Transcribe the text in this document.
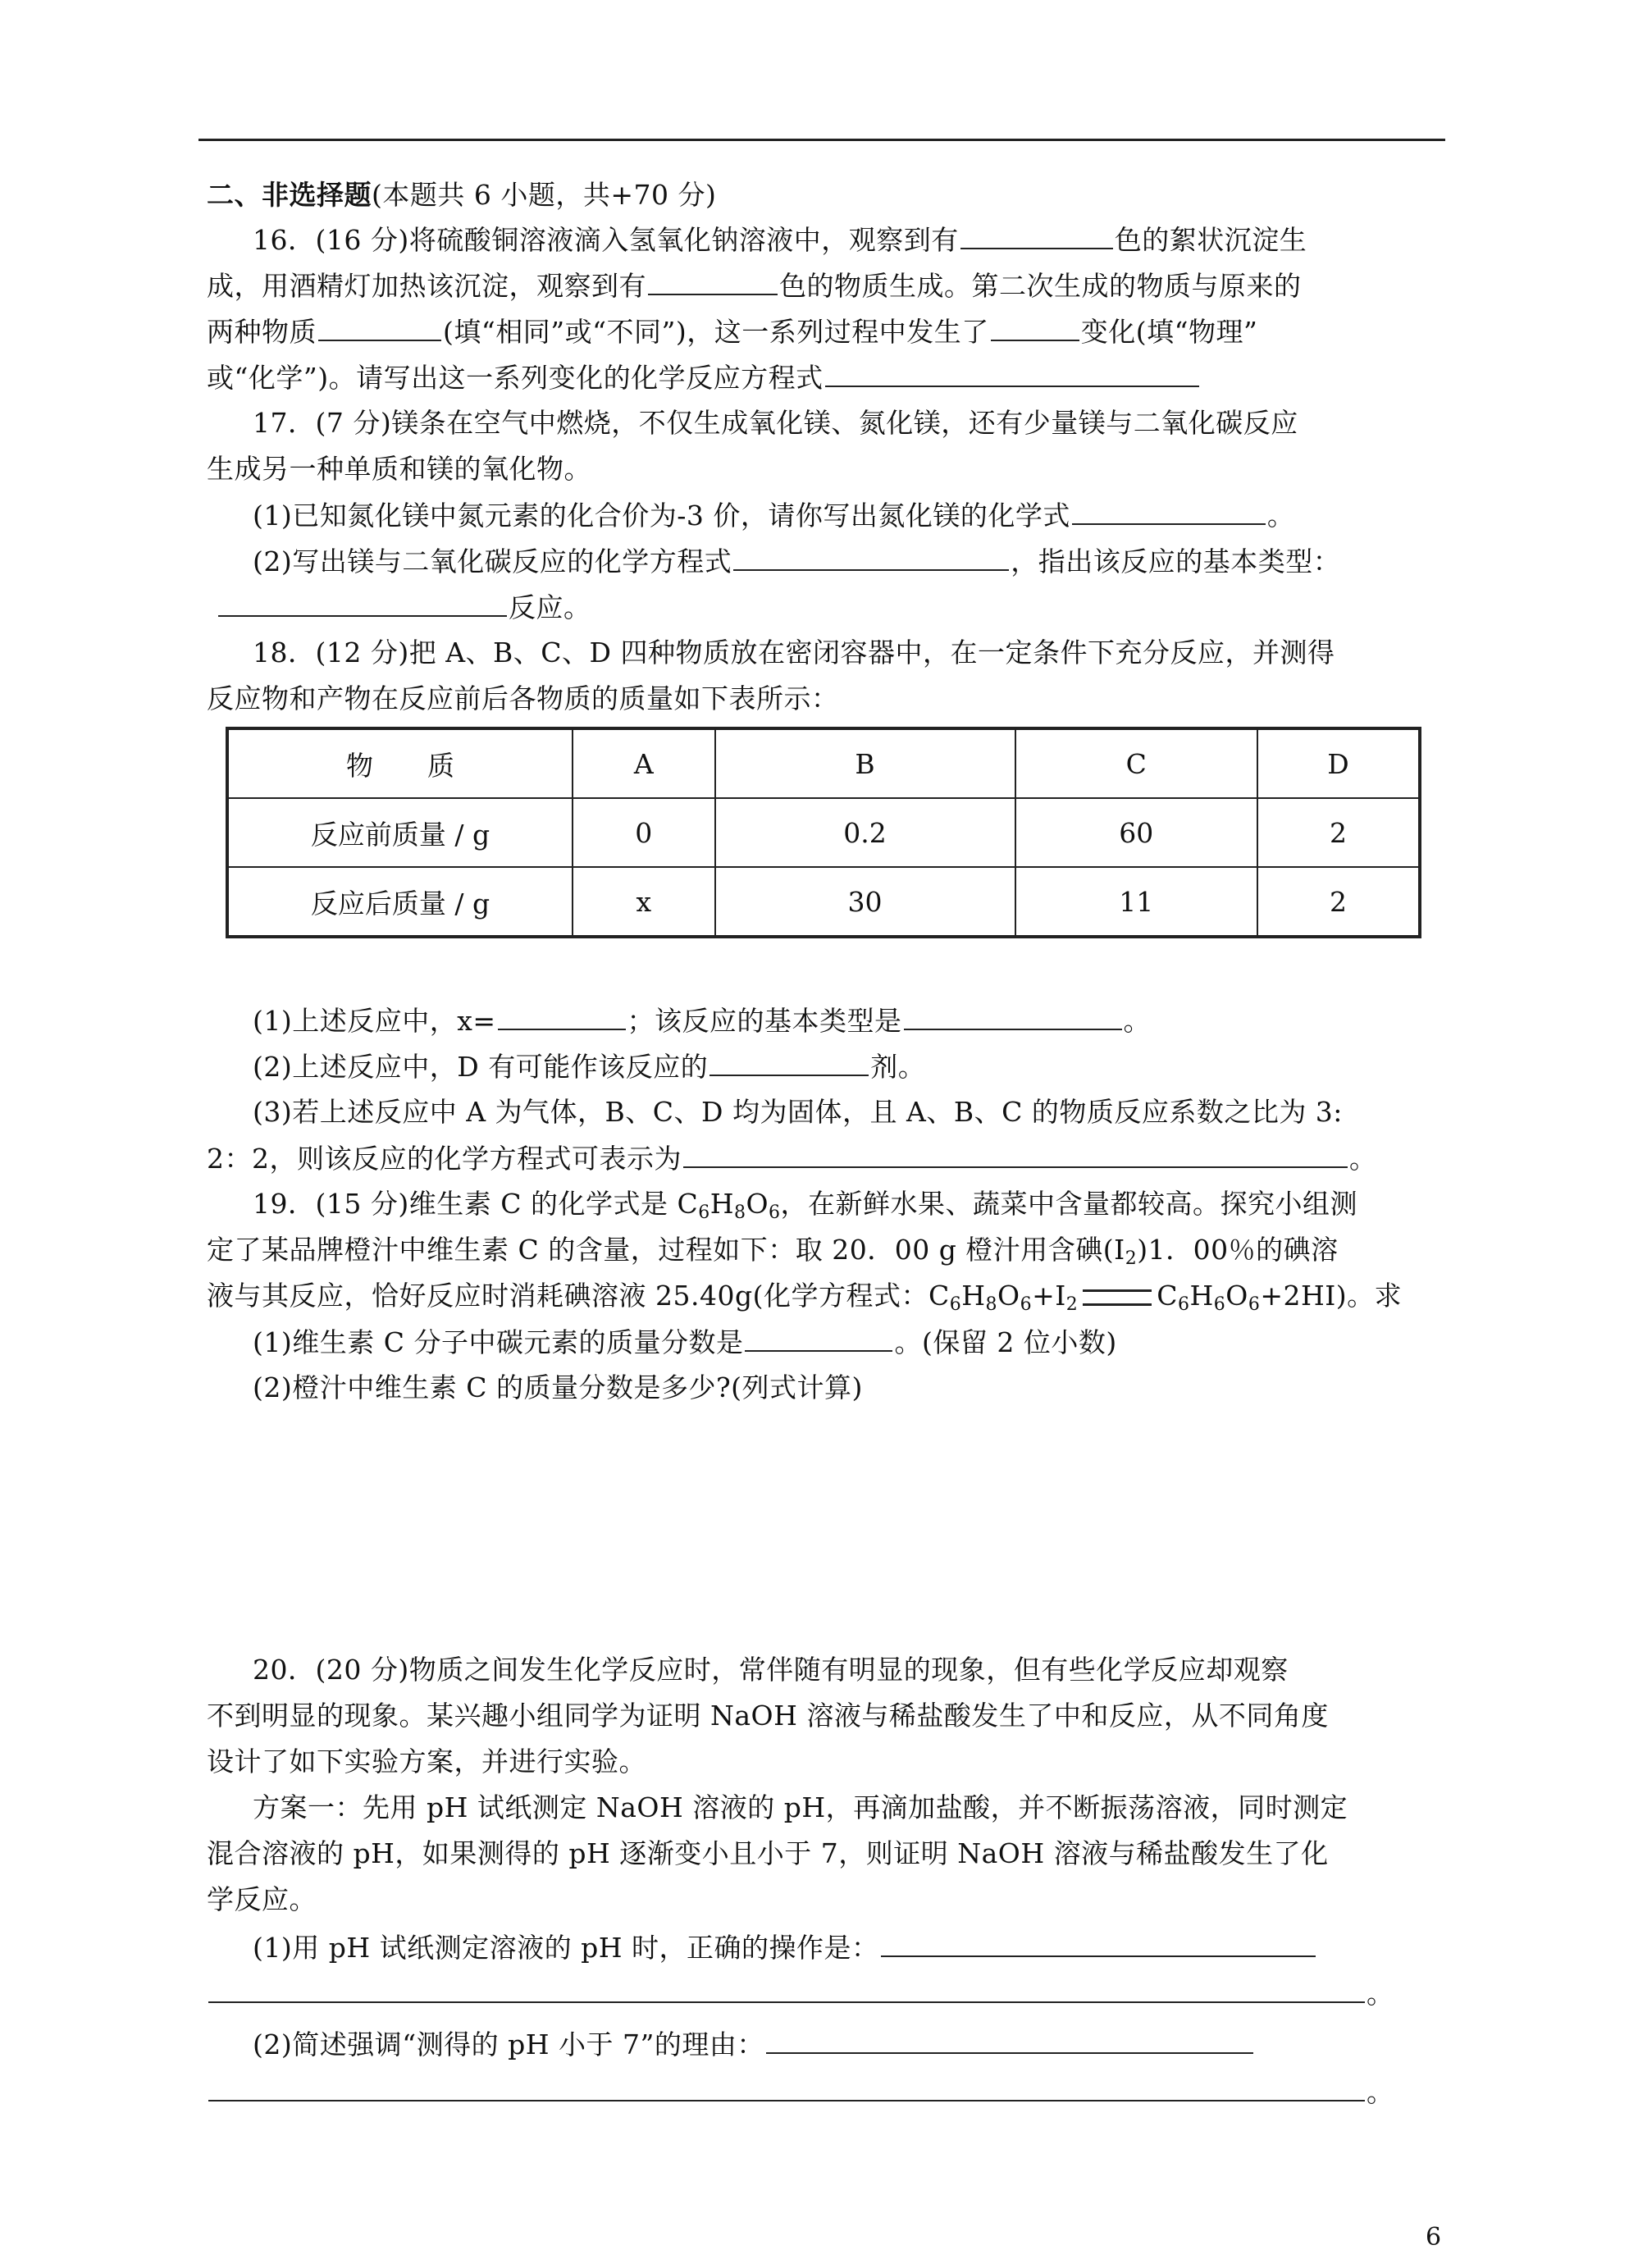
二、非选择题(本题共 6 小题，共+70 分)
16．(16 分)将硫酸铜溶液滴入氢氧化钠溶液中，观察到有	色的絮状沉淀生
成，用酒精灯加热该沉淀，观察到有	色的物质生成。第二次生成的物质与原来的
两种物质	(填“相同”或“不同”)，这一系列过程中发生了	变化(填“物理”
或“化学”)。请写出这一系列变化的化学反应方程式
17．(7 分)镁条在空气中燃烧，不仅生成氧化镁、氮化镁，还有少量镁与二氧化碳反应
生成另一种单质和镁的氧化物。
(1)已知氮化镁中氮元素的化合价为-3 价，请你写出氮化镁的化学式	。
(2)写出镁与二氧化碳反应的化学方程式	，指出该反应的基本类型：
反应。
18．(12 分)把 A、B、C、D 四种物质放在密闭容器中，在一定条件下充分反应，并测得
反应物和产物在反应前后各物质的质量如下表所示：
物　　质	A	B	C	D
反应前质量 / g	0	0.2	60	2
反应后质量 / g	x	30	11	2
(1)上述反应中，x=	；该反应的基本类型是	。
(2)上述反应中，D 有可能作该反应的	剂。
(3)若上述反应中 A 为气体，B、C、D 均为固体，且 A、B、C 的物质反应系数之比为 3:
2：2，则该反应的化学方程式可表示为	。
19．(15 分)维生素 C 的化学式是 $C_6H_8O_6$，在新鲜水果、蔬菜中含量都较高。探究小组测
定了某品牌橙汁中维生素 C 的含量，过程如下：取 20．00 g 橙汁用含碘$(I_2)1$．00％的碘溶
液与其反应，恰好反应时消耗碘溶液 25.40g(化学方程式：$C_6H_8O_6+I_2$	$C_6H_6O_6+2HI$)。求
(1)维生素 C 分子中碳元素的质量分数是	。(保留 2 位小数)
(2)橙汁中维生素 C 的质量分数是多少?(列式计算)
20．(20 分)物质之间发生化学反应时，常伴随有明显的现象，但有些化学反应却观察
不到明显的现象。某兴趣小组同学为证明 NaOH 溶液与稀盐酸发生了中和反应，从不同角度
设计了如下实验方案，并进行实验。
方案一：先用 pH 试纸测定 NaOH 溶液的 pH，再滴加盐酸，并不断振荡溶液，同时测定
混合溶液的 pH，如果测得的 pH 逐渐变小且小于 7，则证明 NaOH 溶液与稀盐酸发生了化
学反应。
(1)用 pH 试纸测定溶液的 pH 时，正确的操作是：
。
(2)简述强调“测得的 pH 小于 7”的理由：
。
6
